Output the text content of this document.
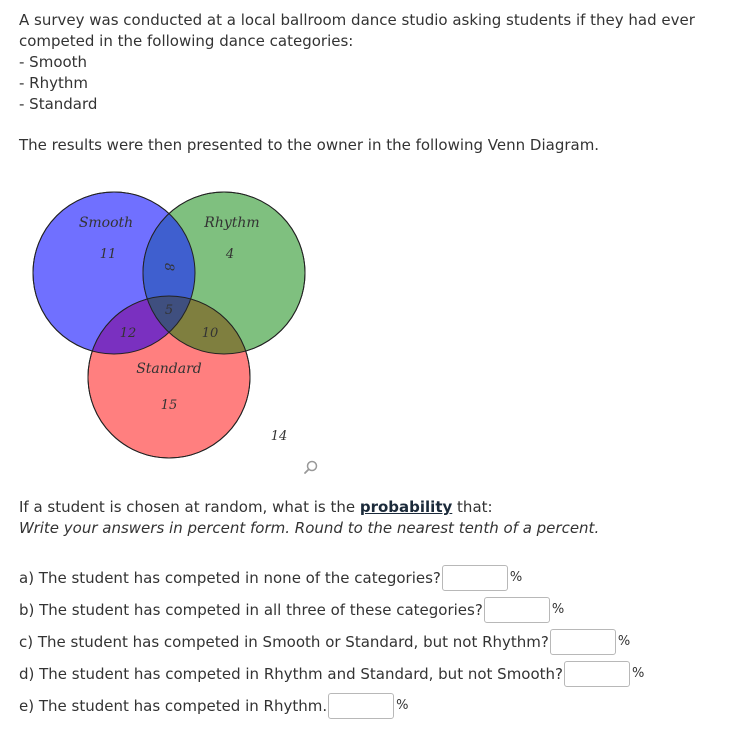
A survey was conducted at a local ballroom dance studio asking students if they had ever competed in the following dance categories:

- Smooth

- Rhythm

- Standard

The results were then presented to the owner in the following Venn Diagram.
Smooth	Rhythm
Standard
11	4
8
5
12	10
15
14
If a student is chosen at random, what is the probability that:
Write your answers in percent form. Round to the nearest tenth of a percent.
a) The student has competed in none of the categories?	%
b) The student has competed in all three of these categories?	%
c) The student has competed in Smooth or Standard, but not Rhythm?	%
d) The student has competed in Rhythm and Standard, but not Smooth?	%
e) The student has competed in Rhythm.	%
